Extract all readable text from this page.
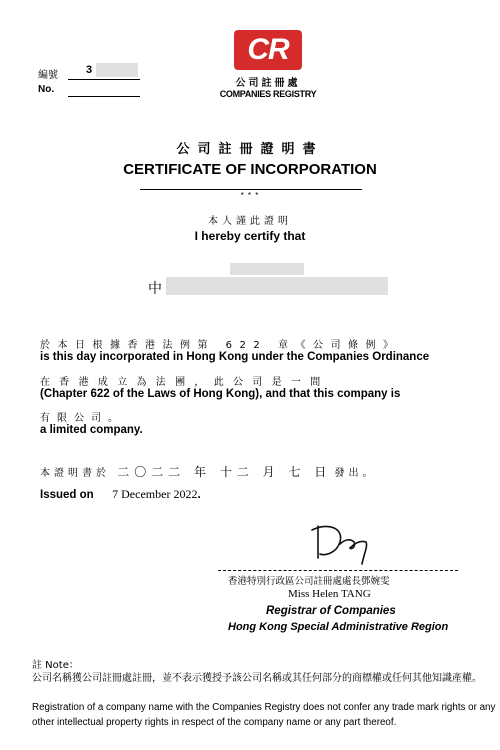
編號
No.
3
CR
公司註冊處
COMPANIES REGISTRY
公司註冊證明書
CERTIFICATE OF INCORPORATION
* * *
本人謹此證明
I hereby certify that
中
於本日根據香港法例第 622 章《公司條例》
is this day incorporated in Hong Kong under the Companies Ordinance
在香港成立為法團，此公司是一間
(Chapter 622 of the Laws of Hong Kong), and that this company is
有限公司。
a limited company.
本證明書於 二〇二二 年 十二 月 七 日 發出。
Issued on 7 December 2022.
香港特別行政區公司註冊處處長鄧婉雯
Miss Helen TANG
Registrar of Companies
Hong Kong Special Administrative Region
註 Note：
公司名稱獲公司註冊處註冊，並不表示獲授予該公司名稱或其任何部分的商標權或任何其他知識產權。
Registration of a company name with the Companies Registry does not confer any trade mark rights or any other intellectual property rights in respect of the company name or any part thereof.
